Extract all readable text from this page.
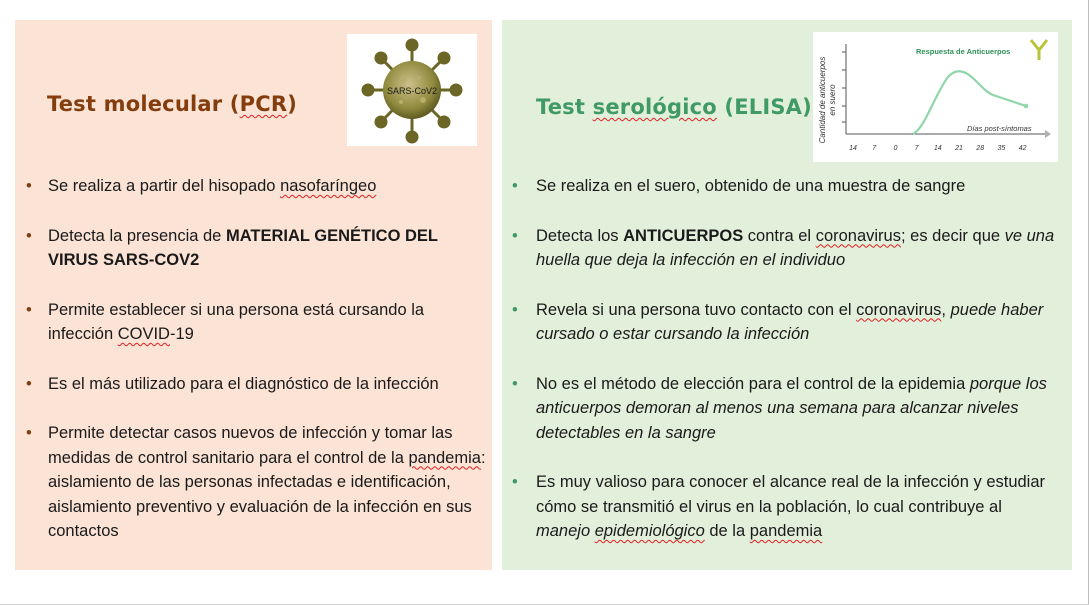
Test molecular (PCR)
• Se realiza a partir del hisopado nasofaríngeo
• Detecta la presencia de MATERIAL GENÉTICO DEL VIRUS SARS-COV2
• Permite establecer si una persona está cursando la infección COVID-19
• Es el más utilizado para el diagnóstico de la infección
• Permite detectar casos nuevos de infección y tomar las medidas de control sanitario para el control de la pandemia: aislamiento de las personas infectadas e identificación, aislamiento preventivo y evaluación de la infección en sus contactos
SARS-CoV2
Test serológico (ELISA)
• Se realiza en el suero, obtenido de una muestra de sangre
• Detecta los ANTICUERPOS contra el coronavirus; es decir que ve una huella que deja la infección en el individuo
• Revela si una persona tuvo contacto con el coronavirus, puede haber cursado o estar cursando la infección
• No es el método de elección para el control de la epidemia porque los anticuerpos demoran al menos una semana para alcanzar niveles detectables en la sangre
• Es muy valioso para conocer el alcance real de la infección y estudiar cómo se transmitió el virus en la población, lo cual contribuye al manejo epidemiológico de la pandemia
Cantidad de anticuerpos en suero
Respuesta de Anticuerpos
Días post-síntomas
14 7 0 7 14 21 28 35 42
